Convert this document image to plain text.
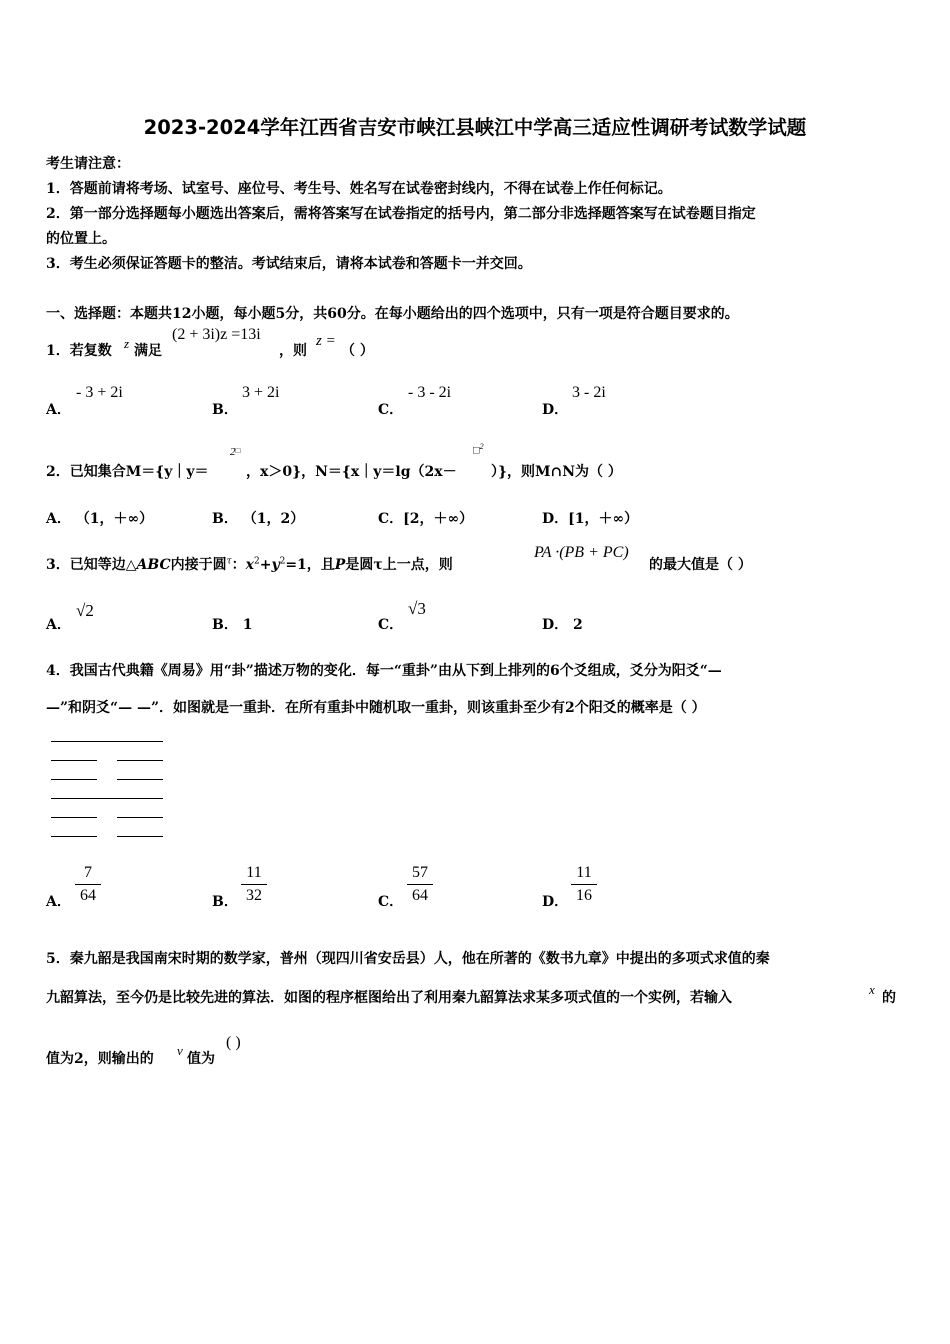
2023-2024学年江西省吉安市峡江县峡江中学高三适应性调研考试数学试题
考生请注意：
1．答题前请将考场、试室号、座位号、考生号、姓名写在试卷密封线内，不得在试卷上作任何标记。
2．第一部分选择题每小题选出答案后，需将答案写在试卷指定的括号内，第二部分非选择题答案写在试卷题目指定
的位置上。
3．考生必须保证答题卡的整洁。考试结束后，请将本试卷和答题卡一并交回。
一、选择题：本题共12小题，每小题5分，共60分。在每小题给出的四个选项中，只有一项是符合题目要求的。
1．若复数 z 满足
(2 + 3i)z =13i
，则
z =
（ ）
A．
- 3 + 2i
B．
3 + 2i
C．
- 3 - 2i
D．
3 - 2i
2．已知集合M＝{y｜y＝
2□
，x＞0}，N＝{x｜y＝lg（2x－
□$^2$
）}，则M∩N为（ ）
A． （1，＋∞）	B． （1，2）	C．[2，＋∞）	D．[1，＋∞）
3．已知等边△ABC内接于圆$^\tau$：$x^2+y^2=1$，且P是圆τ上一点，则
PA ·(PB + PC)
的最大值是（ ）
A．
√2
B． 1	C．
√3
D． 2
4．我国古代典籍《周易》用“卦”描述万物的变化．每一“重卦”由从下到上排列的6个爻组成，爻分为阳爻“—
—”和阴爻“— —”．如图就是一重卦．在所有重卦中随机取一重卦，则该重卦至少有2个阳爻的概率是（ ）
A．
7
64	B．
11
32	C．
57
64	D．
11
16
5．秦九韶是我国南宋时期的数学家，普州（现四川省安岳县）人，他在所著的《数书九章》中提出的多项式求值的秦
九韶算法，至今仍是比较先进的算法．如图的程序框图给出了利用秦九韶算法求某多项式值的一个实例，若输入
x
的
值为2，则输出的
v
值为
( )
